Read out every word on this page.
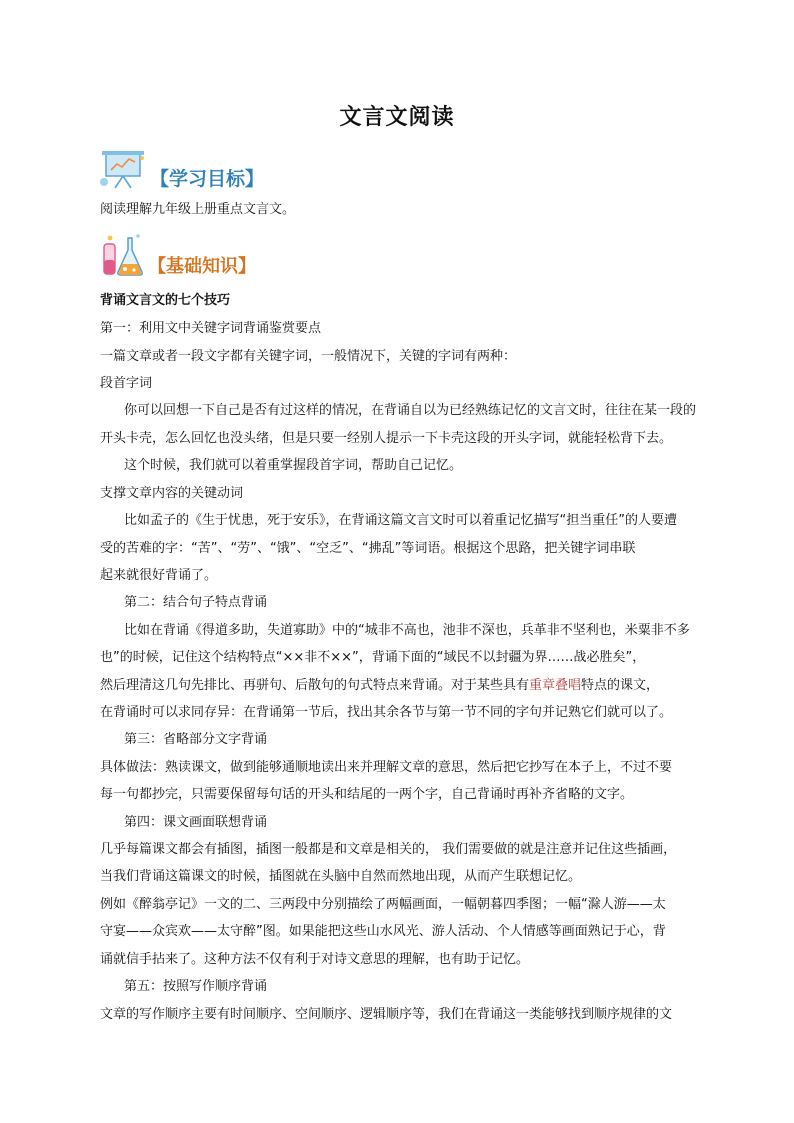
文言文阅读
【学习目标】
阅读理解九年级上册重点文言文。
【基础知识】
背诵文言文的七个技巧
第一：利用文中关键字词背诵鉴赏要点
一篇文章或者一段文字都有关键字词，一般情况下，关键的字词有两种：
段首字词
你可以回想一下自己是否有过这样的情况，在背诵自以为已经熟练记忆的文言文时，往往在某一段的
开头卡壳，怎么回忆也没头绪，但是只要一经别人提示一下卡壳这段的开头字词，就能轻松背下去。
这个时候，我们就可以着重掌握段首字词，帮助自己记忆。
支撑文章内容的关键动词
比如孟子的《生于忧患，死于安乐》，在背诵这篇文言文时可以着重记忆描写“担当重任”的人要遭
受的苦难的字：“苦”、“劳”、“饿”、“空乏”、“拂乱”等词语。根据这个思路，把关键字词串联
起来就很好背诵了。
第二：结合句子特点背诵
比如在背诵《得道多助，失道寡助》中的“城非不高也，池非不深也，兵革非不坚利也，米粟非不多
也”的时候，记住这个结构特点“××非不××”，背诵下面的“域民不以封疆为界……战必胜矣”，
然后理清这几句先排比、再骈句、后散句的句式特点来背诵。对于某些具有重章叠唱特点的课文，
在背诵时可以求同存异：在背诵第一节后，找出其余各节与第一节不同的字句并记熟它们就可以了。
第三：省略部分文字背诵
具体做法：熟读课文，做到能够通顺地读出来并理解文章的意思，然后把它抄写在本子上，不过不要
每一句都抄完，只需要保留每句话的开头和结尾的一两个字，自己背诵时再补齐省略的文字。
第四：课文画面联想背诵
几乎每篇课文都会有插图，插图一般都是和文章是相关的， 我们需要做的就是注意并记住这些插画，
当我们背诵这篇课文的时候，插图就在头脑中自然而然地出现，从而产生联想记忆。
例如《醉翁亭记》一文的二、三两段中分别描绘了两幅画面，一幅朝暮四季图；一幅“滁人游——太
守宴——众宾欢——太守醉”图。如果能把这些山水风光、游人活动、个人情感等画面熟记于心，背
诵就信手拈来了。这种方法不仅有利于对诗文意思的理解，也有助于记忆。
第五：按照写作顺序背诵
文章的写作顺序主要有时间顺序、空间顺序、逻辑顺序等，我们在背诵这一类能够找到顺序规律的文
